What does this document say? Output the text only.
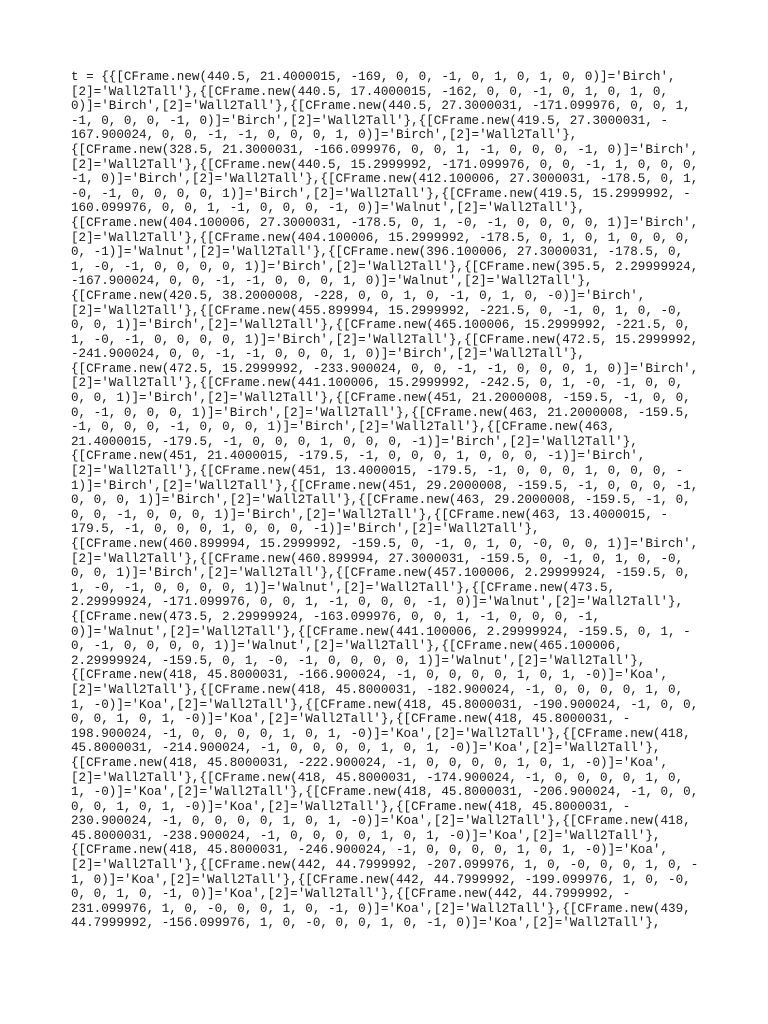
t = {{[CFrame.new(440.5, 21.4000015, -169, 0, 0, -1, 0, 1, 0, 1, 0, 0)]='Birch',
[2]='Wall2Tall'},{[CFrame.new(440.5, 17.4000015, -162, 0, 0, -1, 0, 1, 0, 1, 0,
0)]='Birch',[2]='Wall2Tall'},{[CFrame.new(440.5, 27.3000031, -171.099976, 0, 0, 1,
-1, 0, 0, 0, -1, 0)]='Birch',[2]='Wall2Tall'},{[CFrame.new(419.5, 27.3000031, -
167.900024, 0, 0, -1, -1, 0, 0, 0, 1, 0)]='Birch',[2]='Wall2Tall'},
{[CFrame.new(328.5, 21.3000031, -166.099976, 0, 0, 1, -1, 0, 0, 0, -1, 0)]='Birch',
[2]='Wall2Tall'},{[CFrame.new(440.5, 15.2999992, -171.099976, 0, 0, -1, 1, 0, 0, 0,
-1, 0)]='Birch',[2]='Wall2Tall'},{[CFrame.new(412.100006, 27.3000031, -178.5, 0, 1,
-0, -1, 0, 0, 0, 0, 1)]='Birch',[2]='Wall2Tall'},{[CFrame.new(419.5, 15.2999992, -
160.099976, 0, 0, 1, -1, 0, 0, 0, -1, 0)]='Walnut',[2]='Wall2Tall'},
{[CFrame.new(404.100006, 27.3000031, -178.5, 0, 1, -0, -1, 0, 0, 0, 0, 1)]='Birch',
[2]='Wall2Tall'},{[CFrame.new(404.100006, 15.2999992, -178.5, 0, 1, 0, 1, 0, 0, 0,
0, -1)]='Walnut',[2]='Wall2Tall'},{[CFrame.new(396.100006, 27.3000031, -178.5, 0,
1, -0, -1, 0, 0, 0, 0, 1)]='Birch',[2]='Wall2Tall'},{[CFrame.new(395.5, 2.29999924,
-167.900024, 0, 0, -1, -1, 0, 0, 0, 1, 0)]='Walnut',[2]='Wall2Tall'},
{[CFrame.new(420.5, 38.2000008, -228, 0, 0, 1, 0, -1, 0, 1, 0, -0)]='Birch',
[2]='Wall2Tall'},{[CFrame.new(455.899994, 15.2999992, -221.5, 0, -1, 0, 1, 0, -0,
0, 0, 1)]='Birch',[2]='Wall2Tall'},{[CFrame.new(465.100006, 15.2999992, -221.5, 0,
1, -0, -1, 0, 0, 0, 0, 1)]='Birch',[2]='Wall2Tall'},{[CFrame.new(472.5, 15.2999992,
-241.900024, 0, 0, -1, -1, 0, 0, 0, 1, 0)]='Birch',[2]='Wall2Tall'},
{[CFrame.new(472.5, 15.2999992, -233.900024, 0, 0, -1, -1, 0, 0, 0, 1, 0)]='Birch',
[2]='Wall2Tall'},{[CFrame.new(441.100006, 15.2999992, -242.5, 0, 1, -0, -1, 0, 0,
0, 0, 1)]='Birch',[2]='Wall2Tall'},{[CFrame.new(451, 21.2000008, -159.5, -1, 0, 0,
0, -1, 0, 0, 0, 1)]='Birch',[2]='Wall2Tall'},{[CFrame.new(463, 21.2000008, -159.5,
-1, 0, 0, 0, -1, 0, 0, 0, 1)]='Birch',[2]='Wall2Tall'},{[CFrame.new(463,
21.4000015, -179.5, -1, 0, 0, 0, 1, 0, 0, 0, -1)]='Birch',[2]='Wall2Tall'},
{[CFrame.new(451, 21.4000015, -179.5, -1, 0, 0, 0, 1, 0, 0, 0, -1)]='Birch',
[2]='Wall2Tall'},{[CFrame.new(451, 13.4000015, -179.5, -1, 0, 0, 0, 1, 0, 0, 0, -
1)]='Birch',[2]='Wall2Tall'},{[CFrame.new(451, 29.2000008, -159.5, -1, 0, 0, 0, -1,
0, 0, 0, 1)]='Birch',[2]='Wall2Tall'},{[CFrame.new(463, 29.2000008, -159.5, -1, 0,
0, 0, -1, 0, 0, 0, 1)]='Birch',[2]='Wall2Tall'},{[CFrame.new(463, 13.4000015, -
179.5, -1, 0, 0, 0, 1, 0, 0, 0, -1)]='Birch',[2]='Wall2Tall'},
{[CFrame.new(460.899994, 15.2999992, -159.5, 0, -1, 0, 1, 0, -0, 0, 0, 1)]='Birch',
[2]='Wall2Tall'},{[CFrame.new(460.899994, 27.3000031, -159.5, 0, -1, 0, 1, 0, -0,
0, 0, 1)]='Birch',[2]='Wall2Tall'},{[CFrame.new(457.100006, 2.29999924, -159.5, 0,
1, -0, -1, 0, 0, 0, 0, 1)]='Walnut',[2]='Wall2Tall'},{[CFrame.new(473.5,
2.29999924, -171.099976, 0, 0, 1, -1, 0, 0, 0, -1, 0)]='Walnut',[2]='Wall2Tall'},
{[CFrame.new(473.5, 2.29999924, -163.099976, 0, 0, 1, -1, 0, 0, 0, -1,
0)]='Walnut',[2]='Wall2Tall'},{[CFrame.new(441.100006, 2.29999924, -159.5, 0, 1, -
0, -1, 0, 0, 0, 0, 1)]='Walnut',[2]='Wall2Tall'},{[CFrame.new(465.100006,
2.29999924, -159.5, 0, 1, -0, -1, 0, 0, 0, 0, 1)]='Walnut',[2]='Wall2Tall'},
{[CFrame.new(418, 45.8000031, -166.900024, -1, 0, 0, 0, 0, 1, 0, 1, -0)]='Koa',
[2]='Wall2Tall'},{[CFrame.new(418, 45.8000031, -182.900024, -1, 0, 0, 0, 0, 1, 0,
1, -0)]='Koa',[2]='Wall2Tall'},{[CFrame.new(418, 45.8000031, -190.900024, -1, 0, 0,
0, 0, 1, 0, 1, -0)]='Koa',[2]='Wall2Tall'},{[CFrame.new(418, 45.8000031, -
198.900024, -1, 0, 0, 0, 0, 1, 0, 1, -0)]='Koa',[2]='Wall2Tall'},{[CFrame.new(418,
45.8000031, -214.900024, -1, 0, 0, 0, 0, 1, 0, 1, -0)]='Koa',[2]='Wall2Tall'},
{[CFrame.new(418, 45.8000031, -222.900024, -1, 0, 0, 0, 0, 1, 0, 1, -0)]='Koa',
[2]='Wall2Tall'},{[CFrame.new(418, 45.8000031, -174.900024, -1, 0, 0, 0, 0, 1, 0,
1, -0)]='Koa',[2]='Wall2Tall'},{[CFrame.new(418, 45.8000031, -206.900024, -1, 0, 0,
0, 0, 1, 0, 1, -0)]='Koa',[2]='Wall2Tall'},{[CFrame.new(418, 45.8000031, -
230.900024, -1, 0, 0, 0, 0, 1, 0, 1, -0)]='Koa',[2]='Wall2Tall'},{[CFrame.new(418,
45.8000031, -238.900024, -1, 0, 0, 0, 0, 1, 0, 1, -0)]='Koa',[2]='Wall2Tall'},
{[CFrame.new(418, 45.8000031, -246.900024, -1, 0, 0, 0, 0, 1, 0, 1, -0)]='Koa',
[2]='Wall2Tall'},{[CFrame.new(442, 44.7999992, -207.099976, 1, 0, -0, 0, 0, 1, 0, -
1, 0)]='Koa',[2]='Wall2Tall'},{[CFrame.new(442, 44.7999992, -199.099976, 1, 0, -0,
0, 0, 1, 0, -1, 0)]='Koa',[2]='Wall2Tall'},{[CFrame.new(442, 44.7999992, -
231.099976, 1, 0, -0, 0, 0, 1, 0, -1, 0)]='Koa',[2]='Wall2Tall'},{[CFrame.new(439,
44.7999992, -156.099976, 1, 0, -0, 0, 0, 1, 0, -1, 0)]='Koa',[2]='Wall2Tall'},
